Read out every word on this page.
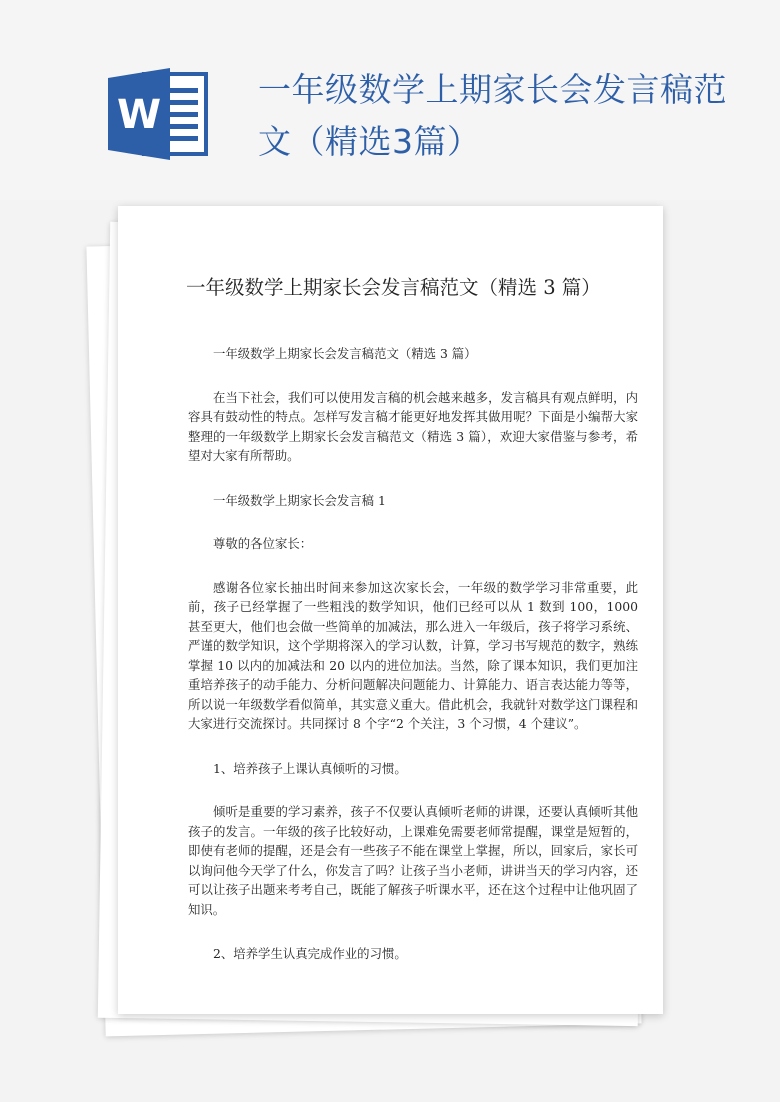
W
一年级数学上期家长会发言稿范文（精选3篇）
一年级数学上期家长会发言稿范文（精选 3 篇）

一年级数学上期家长会发言稿范文（精选 3 篇）

在当下社会，我们可以使用发言稿的机会越来越多，发言稿具有观点鲜明，内容具有鼓动性的特点。怎样写发言稿才能更好地发挥其做用呢？下面是小编帮大家整理的一年级数学上期家长会发言稿范文（精选 3 篇），欢迎大家借鉴与参考，希望对大家有所帮助。

一年级数学上期家长会发言稿 1

尊敬的各位家长：

感谢各位家长抽出时间来参加这次家长会，一年级的数学学习非常重要，此前，孩子已经掌握了一些粗浅的数学知识，他们已经可以从 1 数到 100，1000 甚至更大，他们也会做一些简单的加减法，那么进入一年级后，孩子将学习系统、严谨的数学知识，这个学期将深入的学习认数，计算，学习书写规范的数字，熟练掌握 10 以内的加减法和 20 以内的进位加法。当然，除了课本知识，我们更加注重培养孩子的动手能力、分析问题解决问题能力、计算能力、语言表达能力等等，所以说一年级数学看似简单，其实意义重大。借此机会，我就针对数学这门课程和大家进行交流探讨。共同探讨 8 个字“2 个关注，3 个习惯，4 个建议”。

1、培养孩子上课认真倾听的习惯。

倾听是重要的学习素养，孩子不仅要认真倾听老师的讲课，还要认真倾听其他孩子的发言。一年级的孩子比较好动，上课难免需要老师常提醒，课堂是短暂的，即使有老师的提醒，还是会有一些孩子不能在课堂上掌握，所以，回家后，家长可以询问他今天学了什么，你发言了吗？让孩子当小老师，讲讲当天的学习内容，还可以让孩子出题来考考自己，既能了解孩子听课水平，还在这个过程中让他巩固了知识。

2、培养学生认真完成作业的习惯。
